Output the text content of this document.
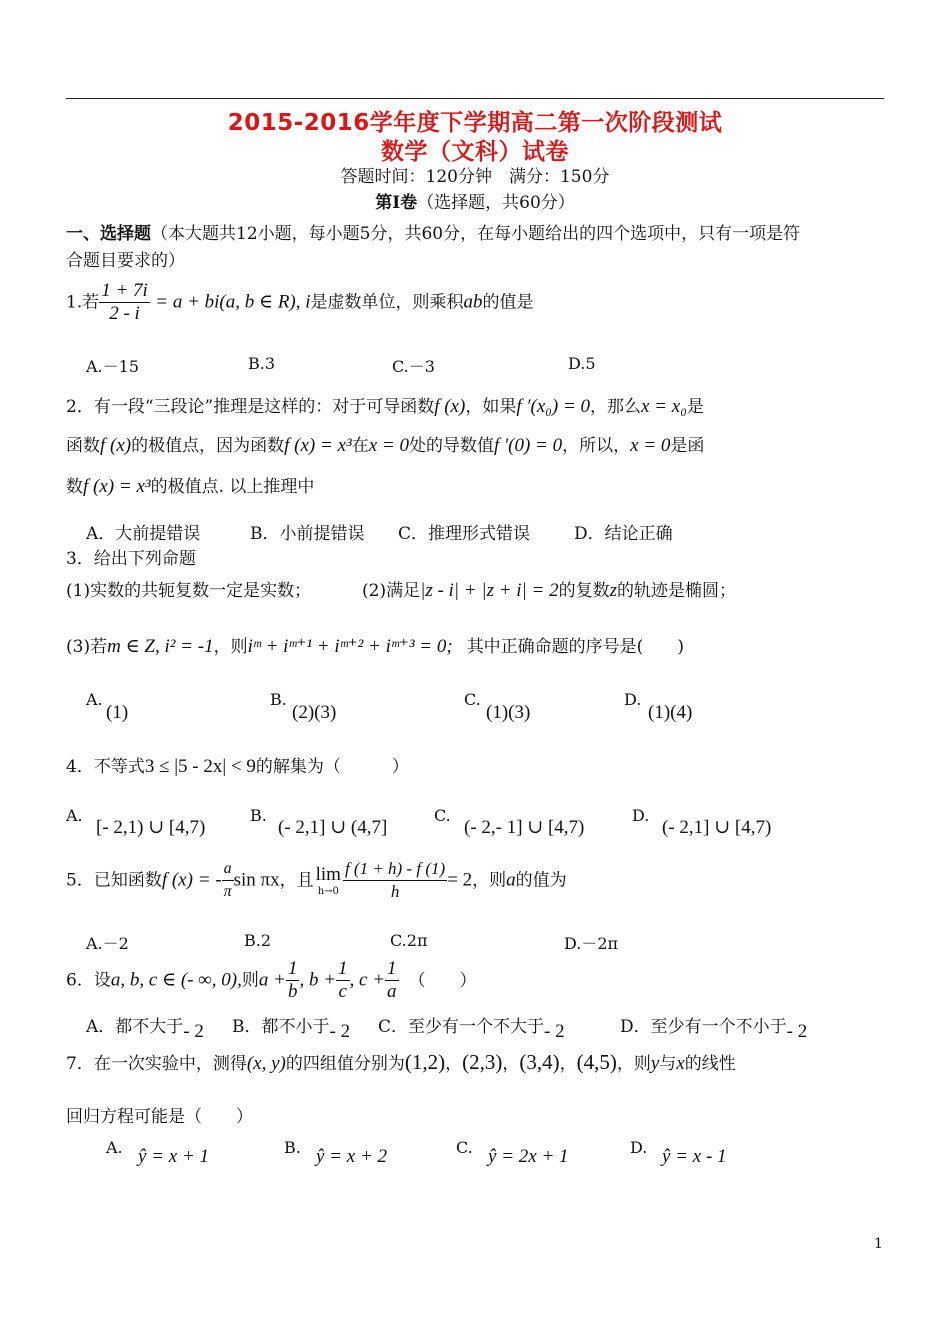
2015-2016学年度下学期高二第一次阶段测试
数学（文科）试卷
答题时间：120分钟　满分：150分
第Ⅰ卷（选择题，共60分）
一、选择题（本大题共12小题，每小题5分，共60分，在每小题给出的四个选项中，只有一项是符
合题目要求的）
1.若 $\frac{1 + 7i}{2 - i} = a + bi(a$, b ∈ R), i是虚数单位，则乘积ab的值是
A.－15	B.3	C.－3	D.5
2．有一段“三段论”推理是这样的：对于可导函数f (x)，如果f ′(x₀) = 0，那么x = x₀是
函数f (x)的极值点，因为函数f (x) = x³在x = 0处的导数值f ′(0) = 0，所以，x = 0是函
数f (x) = x³的极值点. 以上推理中
A．大前提错误	B．小前提错误 C．推理形式错误	D．结论正确
3．给出下列命题
(1)实数的共轭复数一定是实数；	(2)满足|z - i| + |z + i| = 2的复数z的轨迹是椭圆；
(3)若m ∈ Z, i² = -1，则iᵐ + iᵐ⁺¹ + iᵐ⁺² + iᵐ⁺³ = 0; 其中正确命题的序号是(　　)
A.
(1)
B.
(2)(3)
C.
(1)(3)
D.
(1)(4)
4．不等式3 ≤ |5 - 2x| < 9的解集为（　　　）
A.
[- 2,1) ∪ [4,7)
B.
(- 2,1] ∪ (4,7]
C.
(- 2,- 1] ∪ [4,7)
D.
(- 2,1] ∪ [4,7)
5．已知函数f (x) = - $\frac{a}{\pi}$ sin πx，且 lim
$h\to 0 \frac{f (1 + h) - f (1)}{h} = 2$，则a的值为
A.－2	B.2	C.2π	D.－2π
6．设a, b, c ∈ (- ∞, 0),则$a + \frac{1}{b}$ , $b + \frac{1}{c}$ , $c + \frac{1}{a}$ （　　）
A．都不大于- 2 B．都不小于- 2 C．至少有一个不大于- 2	D．至少有一个不小于- 2
7．在一次实验中，测得(x, y)的四组值分别为(1,2)，(2,3)，(3,4)，(4,5)，则y与x的线性
回归方程可能是（　　）
A. ŷ = x + 1	B. ŷ = x + 2	C. ŷ = 2x + 1	D. ŷ = x - 1
1
